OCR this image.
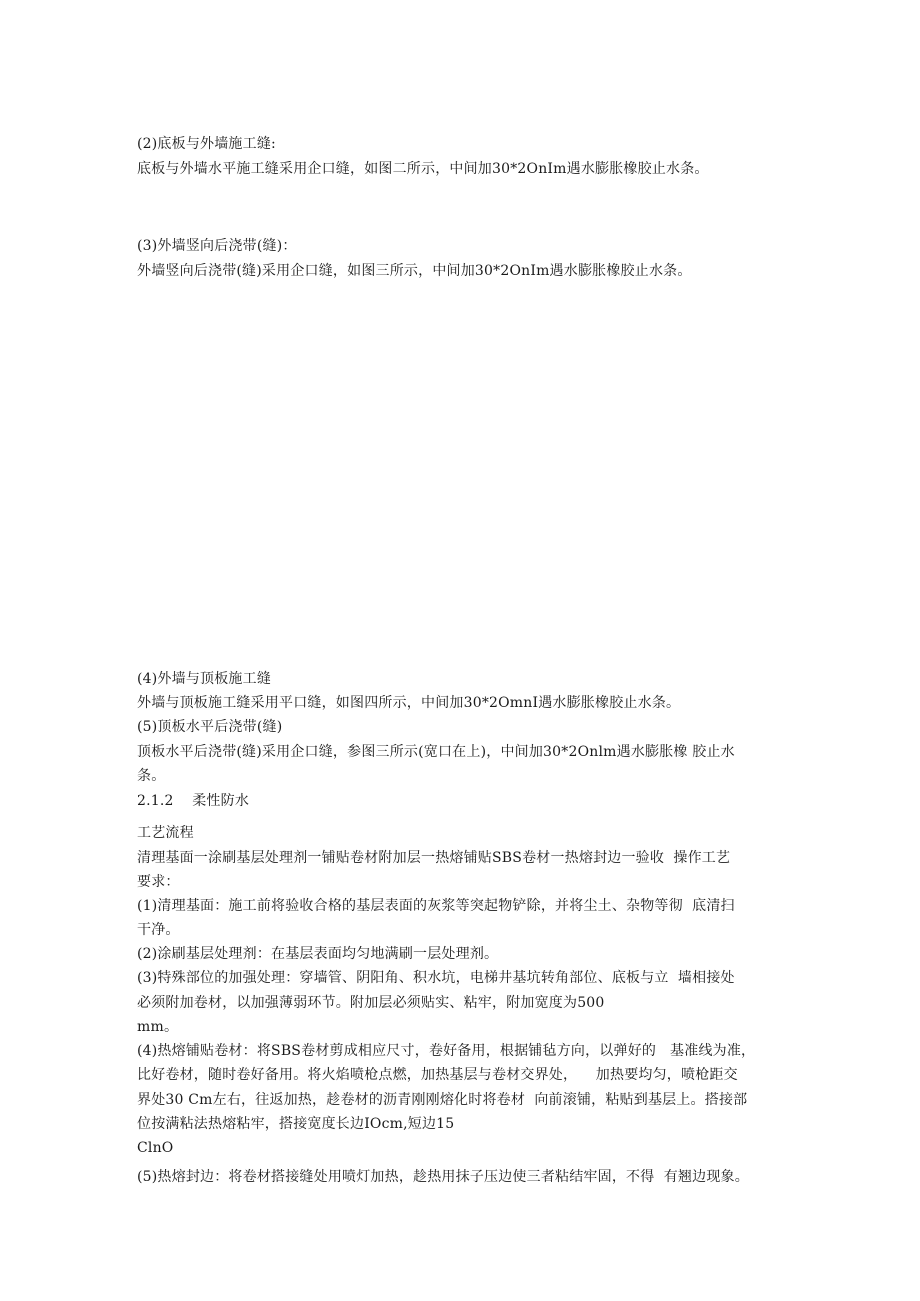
(2)底板与外墙施工缝:
底板与外墙水平施工缝采用企口缝，如图二所示，中间加30*2OnIm遇水膨胀橡胶止水条。
(3)外墙竖向后浇带(缝)：
外墙竖向后浇带(缝)采用企口缝，如图三所示，中间加30*2OnIm遇水膨胀橡胶止水条。
(4)外墙与顶板施工缝
外墙与顶板施工缝采用平口缝，如图四所示，中间加30*2OmnI遇水膨胀橡胶止水条。
(5)顶板水平后浇带(缝)
顶板水平后浇带(缝)采用企口缝，参图三所示(宽口在上)，中间加30*2Onlm遇水膨胀橡 胶止水
条。
2.1.2    柔性防水
工艺流程
清理基面一涂刷基层处理剂一铺贴卷材附加层一热熔铺贴SBS卷材一热熔封边一验收  操作工艺
要求：
(1)清理基面：施工前将验收合格的基层表面的灰浆等突起物铲除，并将尘土、杂物等彻  底清扫
干净。
(2)涂刷基层处理剂：在基层表面均匀地满刷一层处理剂。
(3)特殊部位的加强处理：穿墙管、阴阳角、积水坑，电梯井基坑转角部位、底板与立  墙相接处
必须附加卷材，以加强薄弱环节。附加层必须贴实、粘牢，附加宽度为500
mm。
(4)热熔铺贴卷材：将SBS卷材剪成相应尺寸，卷好备用，根据铺毡方向，以弹好的   基准线为准，
比好卷材，随时卷好备用。将火焰喷枪点燃，加热基层与卷材交界处，    加热要均匀，喷枪距交
界处30 Cm左右，往返加热，趁卷材的沥青刚刚熔化时将卷材  向前滚铺，粘贴到基层上。搭接部
位按满粘法热熔粘牢，搭接宽度长边IOcm,短边15
ClnO
(5)热熔封边：将卷材搭接缝处用喷灯加热，趁热用抹子压边使三者粘结牢固，不得  有翘边现象。
